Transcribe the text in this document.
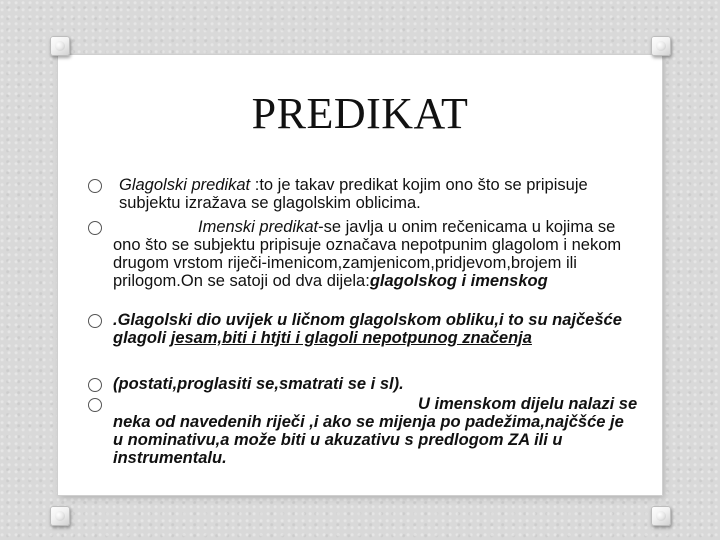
PREDIKAT
Glagolski predikat :to je takav predikat kojim ono što se pripisuje subjektu izražava se glagolskim oblicima.
Imenski predikat-se javlja u onim rečenicama u kojima se ono što se subjektu pripisuje označava nepotpunim glagolom i nekom drugom vrstom riječi-imenicom,zamjenicom,pridjevom,brojem ili prilogom.On se satoji od dva dijela:glagolskog i imenskog
.Glagolski dio uvijek u ličnom glagolskom obliku,i to su najčešće glagoli jesam,biti i htjti i glagoli nepotpunog značenja
(postati,proglasiti se,smatrati se i sl).
U imenskom dijelu nalazi se neka od navedenih riječi ,i ako se mijenja po padežima,najčšće je u nominativu,a može biti u akuzativu s predlogom ZA ili u instrumentalu.
